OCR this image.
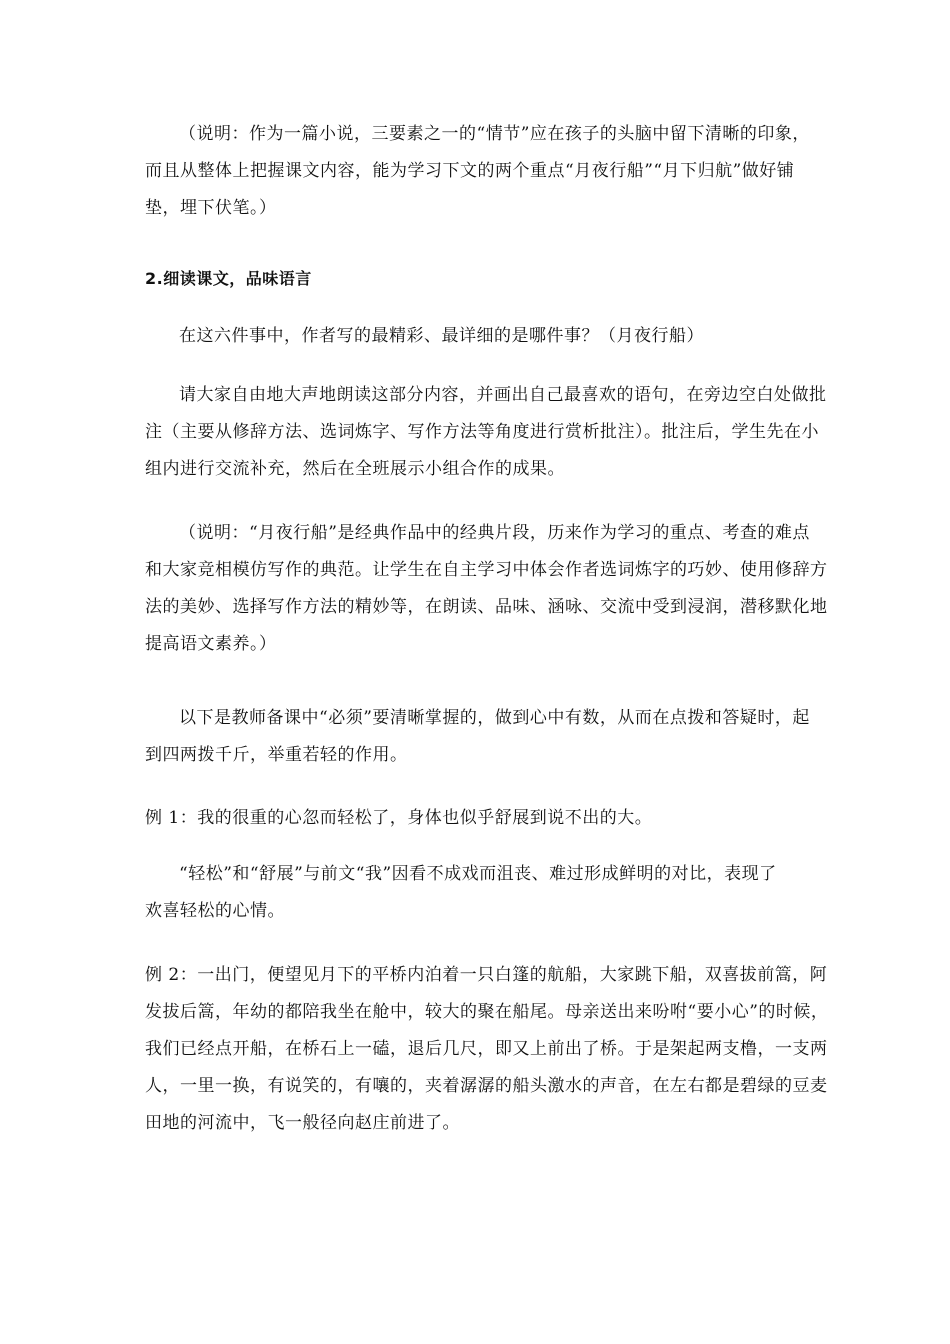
（说明：作为一篇小说，三要素之一的“情节”应在孩子的头脑中留下清晰的印象，
而且从整体上把握课文内容，能为学习下文的两个重点“月夜行船”“月下归航”做好铺
垫，埋下伏笔。）
2.细读课文，品味语言
在这六件事中，作者写的最精彩、最详细的是哪件事？（月夜行船）
请大家自由地大声地朗读这部分内容，并画出自己最喜欢的语句，在旁边空白处做批
注（主要从修辞方法、选词炼字、写作方法等角度进行赏析批注）。批注后，学生先在小
组内进行交流补充，然后在全班展示小组合作的成果。
（说明：“月夜行船”是经典作品中的经典片段，历来作为学习的重点、考查的难点
和大家竞相模仿写作的典范。让学生在自主学习中体会作者选词炼字的巧妙、使用修辞方
法的美妙、选择写作方法的精妙等，在朗读、品味、涵咏、交流中受到浸润，潜移默化地
提高语文素养。）
以下是教师备课中“必须”要清晰掌握的，做到心中有数，从而在点拨和答疑时，起
到四两拨千斤，举重若轻的作用。
例 1：我的很重的心忽而轻松了，身体也似乎舒展到说不出的大。
“轻松”和“舒展”与前文“我”因看不成戏而沮丧、难过形成鲜明的对比，表现了
欢喜轻松的心情。
例 2：一出门，便望见月下的平桥内泊着一只白篷的航船，大家跳下船，双喜拔前篙，阿
发拔后篙，年幼的都陪我坐在舱中，较大的聚在船尾。母亲送出来吩咐“要小心”的时候，
我们已经点开船，在桥石上一磕，退后几尺，即又上前出了桥。于是架起两支橹，一支两
人，一里一换，有说笑的，有嚷的，夹着潺潺的船头激水的声音，在左右都是碧绿的豆麦
田地的河流中，飞一般径向赵庄前进了。
